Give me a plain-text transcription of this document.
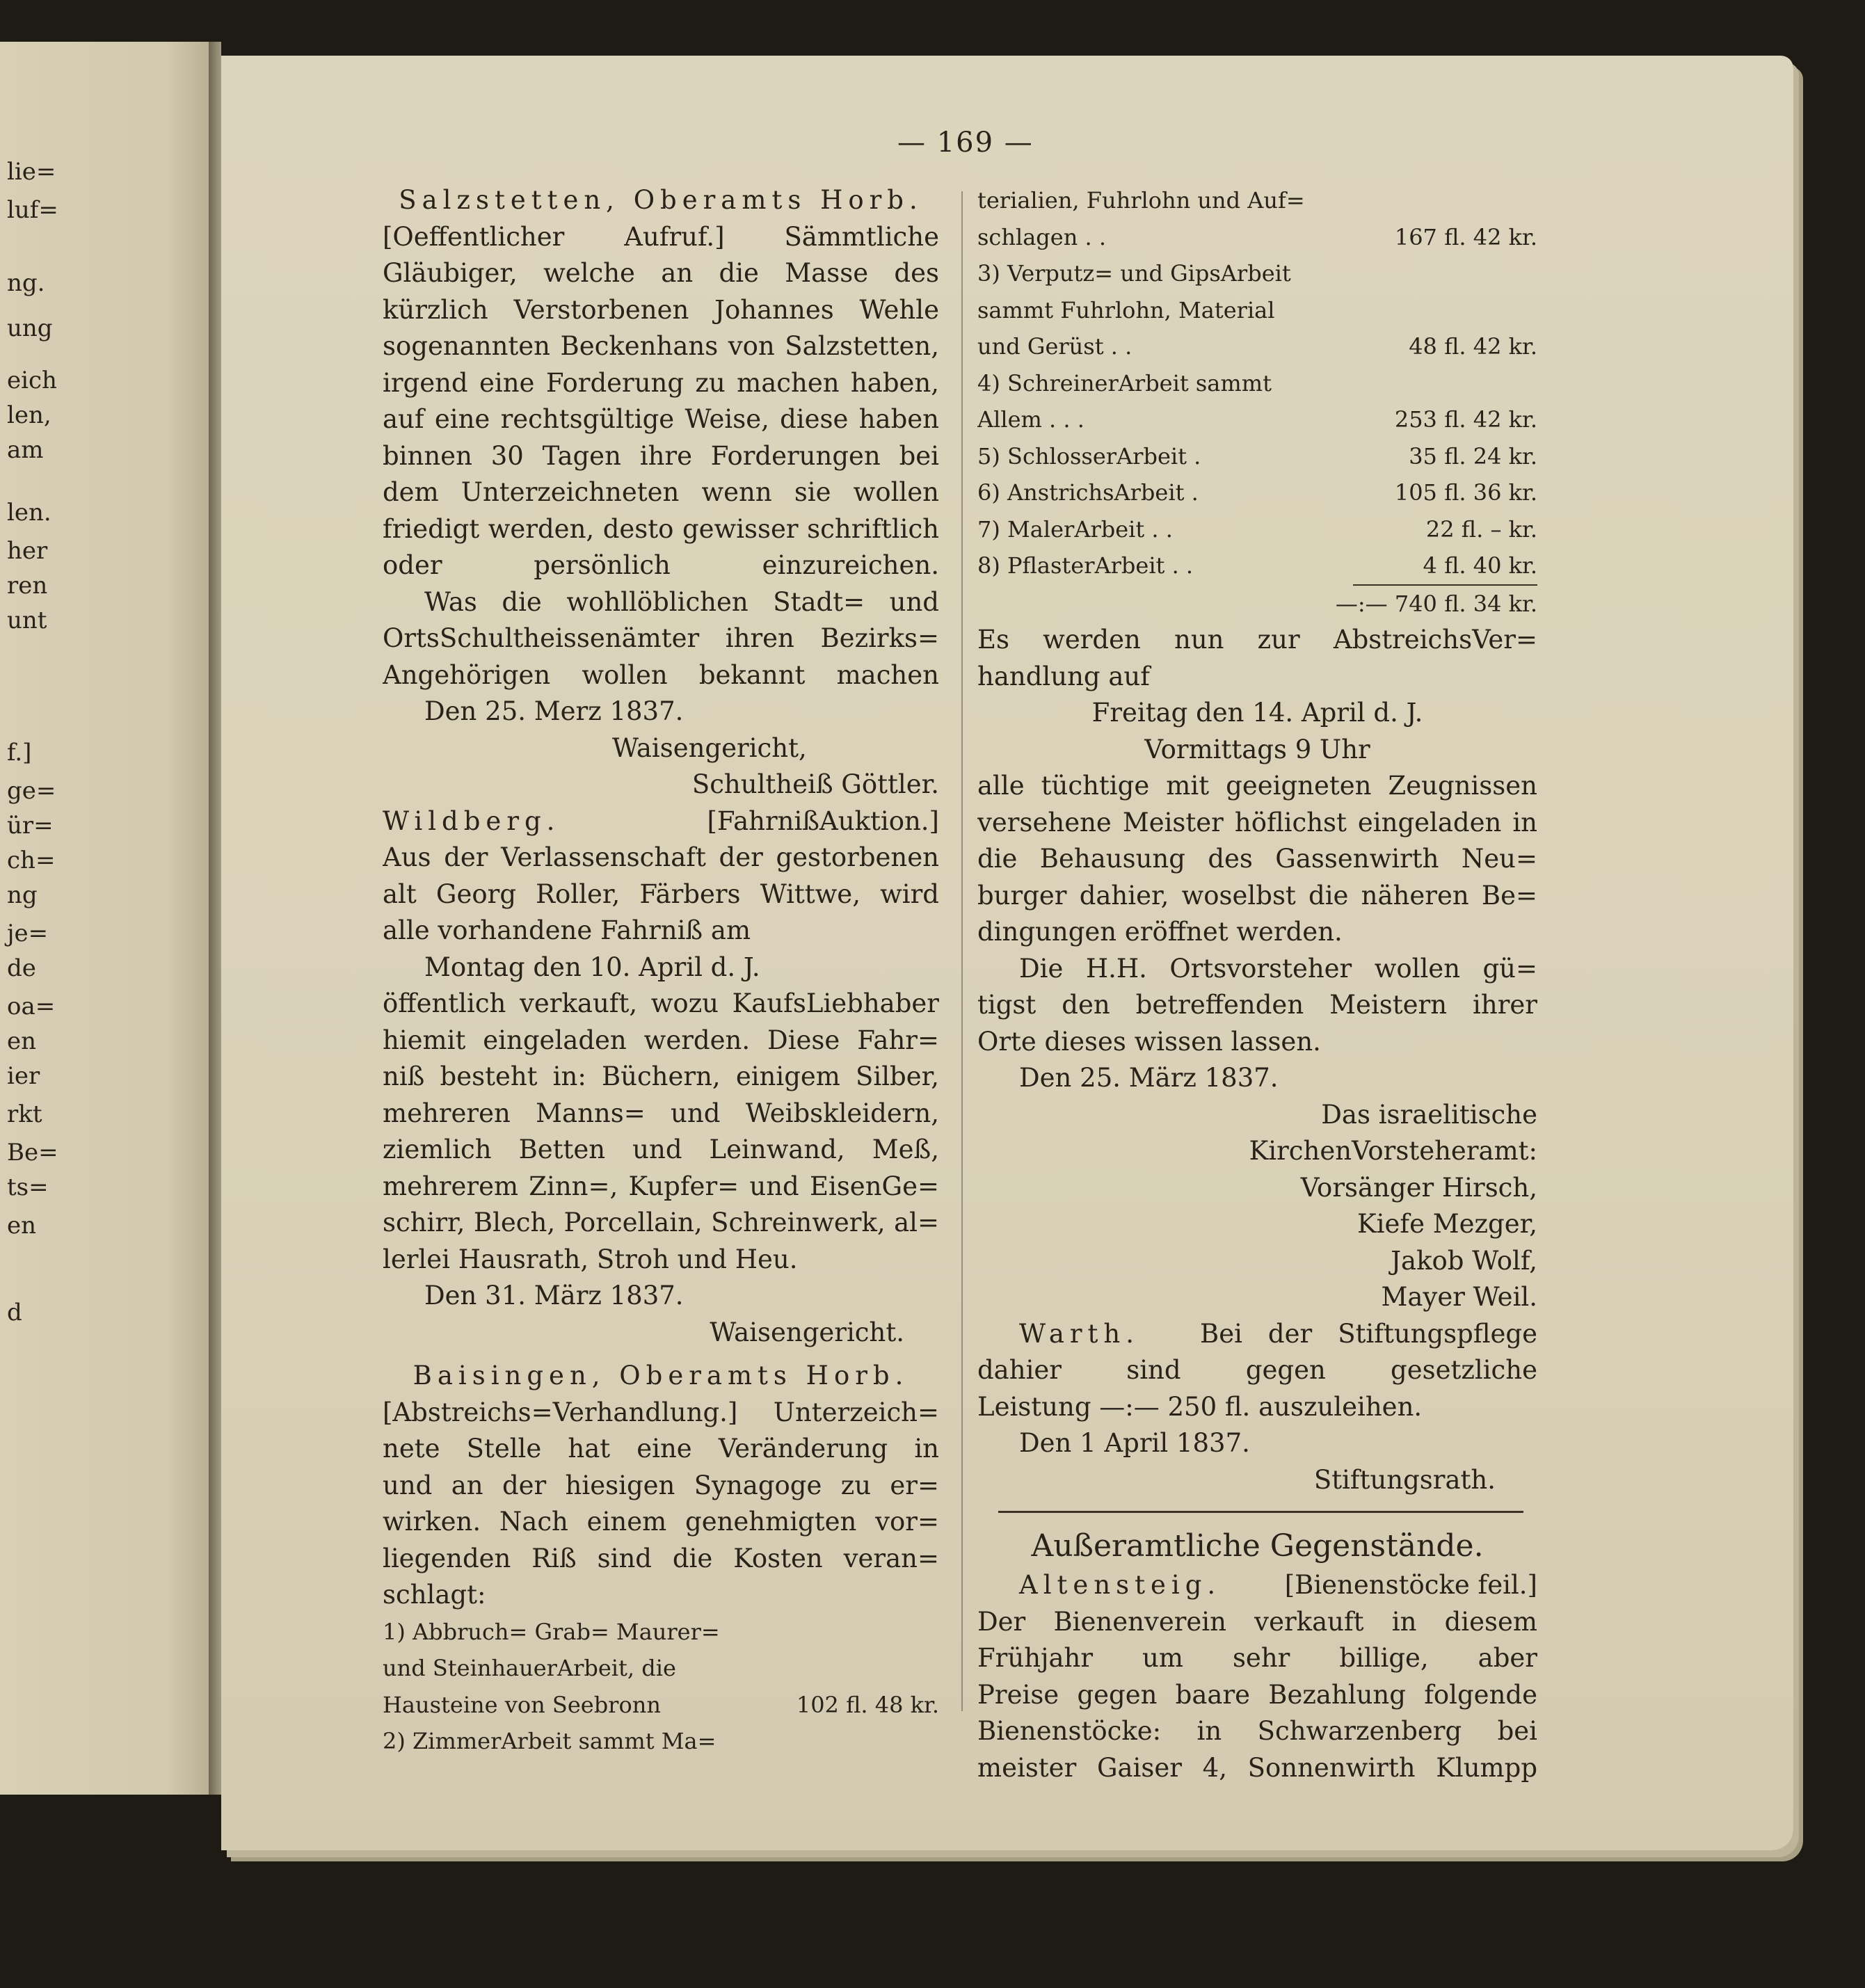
lie=
luf=
ng.
ung
eich
len,
am
len.
her
ren
unt
f.]
ge=
ür=
ch=
ng
je=
de
oa=
en
ier
rkt
Be=
ts=
en
d
— 169 —
Salzstetten, Oberamts Horb.
[Oeffentlicher Aufruf.] Sämmtliche
Gläubiger, welche an die Masse des
kürzlich Verstorbenen Johannes Wehle
sogenannten Beckenhans von Salzstetten,
irgend eine Forderung zu machen haben,
auf eine rechtsgültige Weise, diese haben
binnen 30 Tagen ihre Forderungen bei
dem Unterzeichneten wenn sie wollen
friedigt werden, desto gewisser schriftlich
oder persönlich einzureichen.
Was die wohllöblichen Stadt= und
OrtsSchultheissenämter ihren Bezirks=
Angehörigen wollen bekannt machen
Den 25. Merz 1837.
Waisengericht,
Schultheiß Göttler.
Wildberg.	[FahrnißAuktion.]
Aus der Verlassenschaft der gestorbenen
alt Georg Roller, Färbers Wittwe, wird
alle vorhandene Fahrniß am
Montag den 10. April d. J.
öffentlich verkauft, wozu KaufsLiebhaber
hiemit eingeladen werden. Diese Fahr=
niß besteht in: Büchern, einigem Silber,
mehreren Manns= und Weibskleidern,
ziemlich Betten und Leinwand, Meß,
mehrerem Zinn=, Kupfer= und EisenGe=
schirr, Blech, Porcellain, Schreinwerk, al=
lerlei Hausrath, Stroh und Heu.
Den 31. März 1837.
Waisengericht.
Baisingen, Oberamts Horb.
[Abstreichs=Verhandlung.] Unterzeich=
nete Stelle hat eine Veränderung in
und an der hiesigen Synagoge zu er=
wirken. Nach einem genehmigten vor=
liegenden Riß sind die Kosten veran=
schlagt:
1) Abbruch= Grab= Maurer=
und SteinhauerArbeit, die
Hausteine von Seebronn	102 fl. 48 kr.
2) ZimmerArbeit sammt Ma=
terialien, Fuhrlohn und Auf=
schlagen . .	167 fl. 42 kr.
3) Verputz= und GipsArbeit
sammt Fuhrlohn, Material
und Gerüst . .	48 fl. 42 kr.
4) SchreinerArbeit sammt
Allem . . .	253 fl. 42 kr.
5) SchlosserArbeit .	35 fl. 24 kr.
6) AnstrichsArbeit .	105 fl. 36 kr.
7) MalerArbeit . .	22 fl. – kr.
8) PflasterArbeit . .	4 fl. 40 kr.
—:— 740 fl. 34 kr.
Es werden nun zur AbstreichsVer=
handlung auf
Freitag den 14. April d. J.
Vormittags 9 Uhr
alle tüchtige mit geeigneten Zeugnissen
versehene Meister höflichst eingeladen in
die Behausung des Gassenwirth Neu=
burger dahier, woselbst die näheren Be=
dingungen eröffnet werden.
Die H.H. Ortsvorsteher wollen gü=
tigst den betreffenden Meistern ihrer
Orte dieses wissen lassen.
Den 25. März 1837.
Das israelitische
KirchenVorsteheramt:
Vorsänger Hirsch,
Kiefe Mezger,
Jakob Wolf,
Mayer Weil.
Warth.	Bei der Stiftungspflege
dahier sind gegen gesetzliche
Leistung —:— 250 fl. auszuleihen.
Den 1 April 1837.
Stiftungsrath.
Außeramtliche Gegenstände.
Altensteig.	[Bienenstöcke feil.]
Der Bienenverein verkauft in diesem
Frühjahr um sehr billige, aber
Preise gegen baare Bezahlung folgende
Bienenstöcke: in Schwarzenberg bei
meister Gaiser 4, Sonnenwirth Klumpp
